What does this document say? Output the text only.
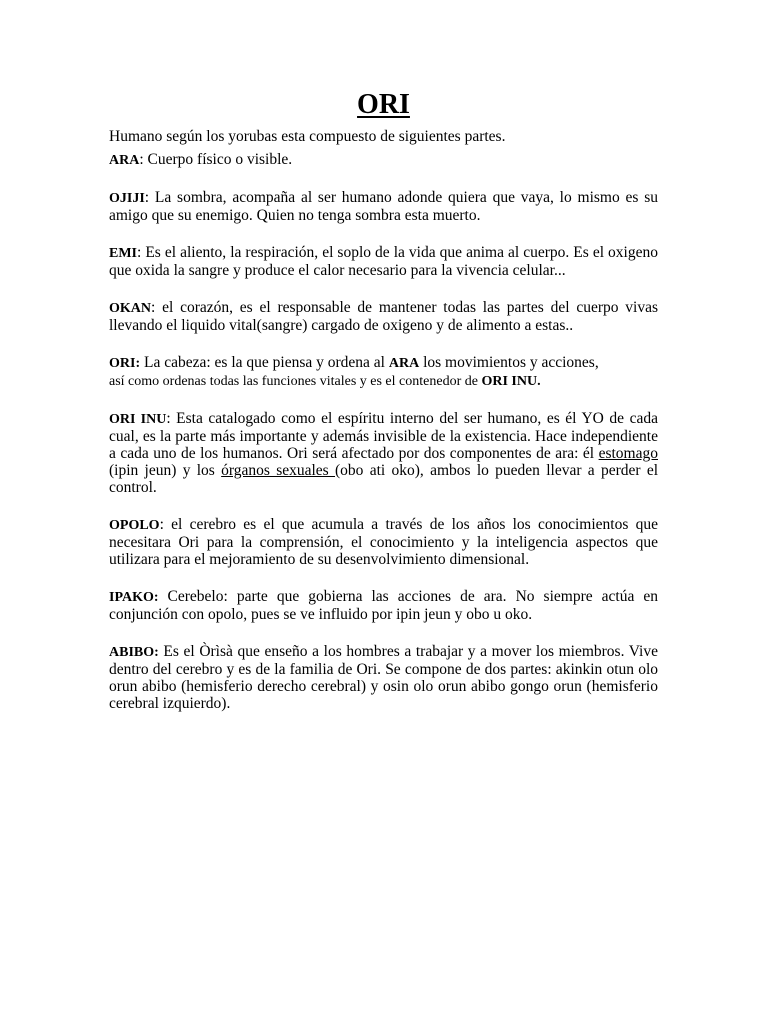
ORI

Humano según los yorubas esta compuesto de siguientes partes.

ARA: Cuerpo físico o visible.

OJIJI: La sombra, acompaña al ser humano adonde quiera que vaya, lo mismo es su amigo que su enemigo. Quien no tenga sombra esta muerto.

EMI: Es el aliento, la respiración, el soplo de la vida que anima al cuerpo. Es el oxigeno que oxida la sangre y produce el calor necesario para la vivencia celular...

OKAN: el corazón, es el responsable de mantener todas las partes del cuerpo vivas llevando el liquido vital(sangre) cargado de oxigeno y de alimento a estas..

ORI: La cabeza: es la que piensa y ordena al ARA los movimientos y acciones,
así como ordenas todas las funciones vitales y es el contenedor de ORI INU.

ORI INU: Esta catalogado como el espíritu interno del ser humano, es él YO de cada cual, es la parte más importante y además invisible de la existencia. Hace independiente a cada uno de los humanos. Ori será afectado por dos componentes de ara: él estomago (ipin jeun) y los órganos sexuales (obo ati oko), ambos lo pueden llevar a perder el control.

OPOLO: el cerebro es el que acumula a través de los años los conocimientos que necesitara Ori para la comprensión, el conocimiento y la inteligencia aspectos que utilizara para el mejoramiento de su desenvolvimiento dimensional.

IPAKO: Cerebelo: parte que gobierna las acciones de ara. No siempre actúa en conjunción con opolo, pues se ve influido por ipin jeun y obo u oko.

ABIBO: Es el Òrìsà que enseño a los hombres a trabajar y a mover los miembros. Vive dentro del cerebro y es de la familia de Ori. Se compone de dos partes: akinkin otun olo orun abibo (hemisferio derecho cerebral) y osin olo orun abibo gongo orun (hemisferio cerebral izquierdo).
